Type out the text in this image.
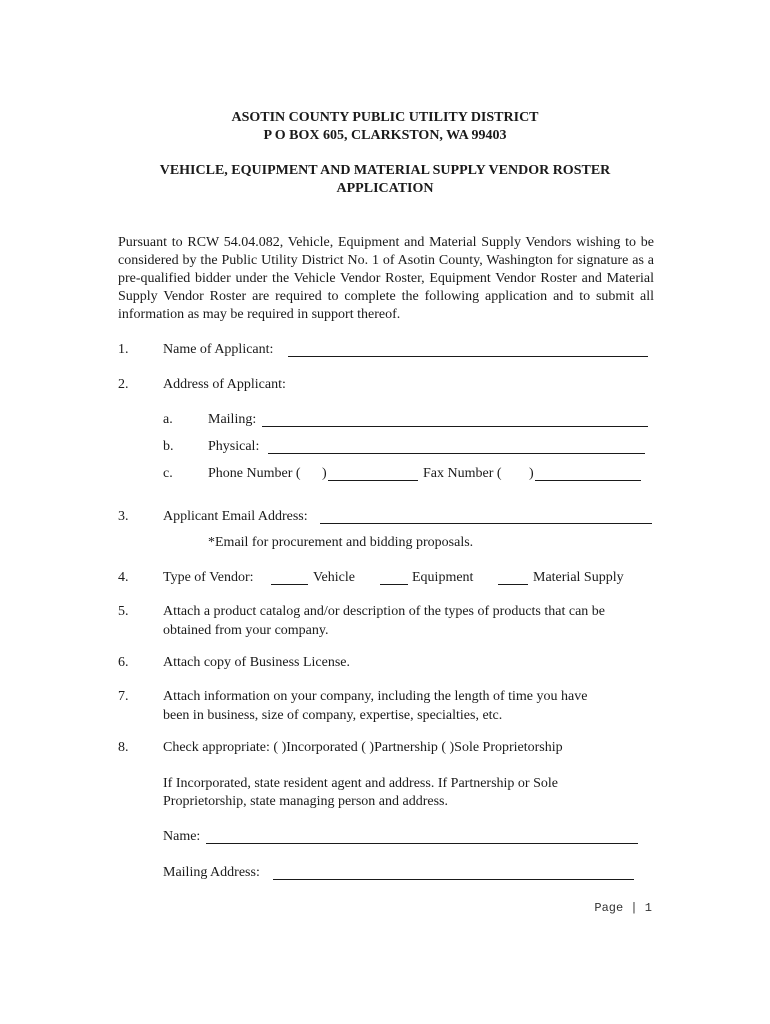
ASOTIN COUNTY PUBLIC UTILITY DISTRICT
P O BOX 605, CLARKSTON, WA 99403
VEHICLE, EQUIPMENT AND MATERIAL SUPPLY VENDOR ROSTER
APPLICATION
Pursuant to RCW 54.04.082, Vehicle, Equipment and Material Supply Vendors wishing to be considered by the Public Utility District No. 1 of Asotin County, Washington for signature as a pre-qualified bidder under the Vehicle Vendor Roster, Equipment Vendor Roster and Material Supply Vendor Roster are required to complete the following application and to submit all information as may be required in support thereof.
1. Name of Applicant:
2. Address of Applicant:
a.	Mailing:
b. Physical:
c.	Phone Number ( )	Fax Number ( )
3. Applicant Email Address:
*Email for procurement and bidding proposals.
4. Type of Vendor:	Vehicle	Equipment	Material Supply
5. Attach a product catalog and/or description of the types of products that can be
obtained from your company.
6. Attach copy of Business License.
7. Attach information on your company, including the length of time you have
been in business, size of company, expertise, specialties, etc.
8. Check appropriate: ( )Incorporated ( )Partnership ( )Sole Proprietorship
If Incorporated, state resident agent and address. If Partnership or Sole
Proprietorship, state managing person and address.
Name:
Mailing Address:
Page | 1
